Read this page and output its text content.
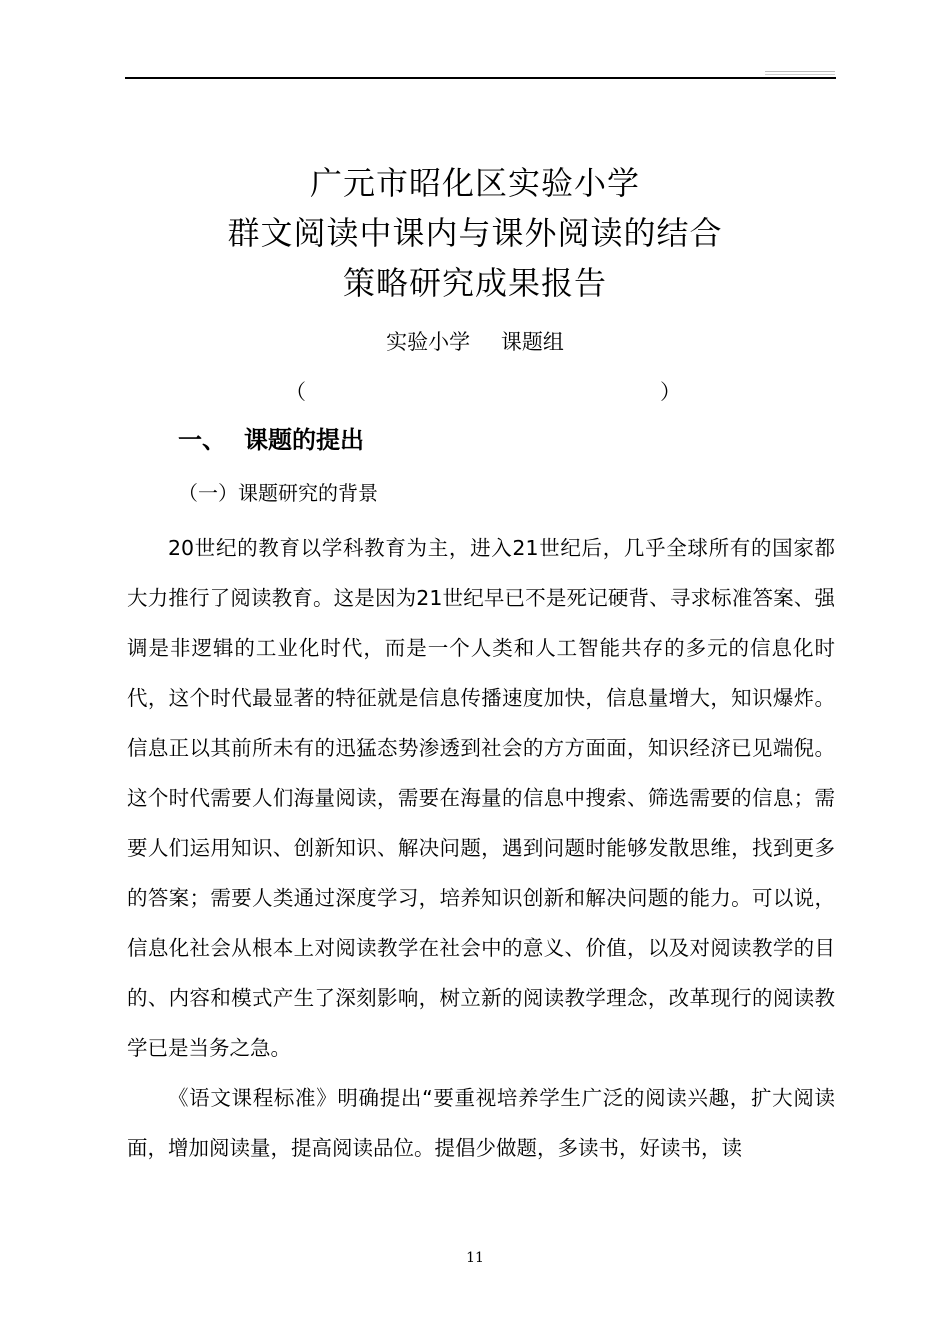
广元市昭化区实验小学
群文阅读中课内与课外阅读的结合
策略研究成果报告
实验小学 课题组
（	）
一、 课题的提出
（一）课题研究的背景

20世纪的教育以学科教育为主，进入21世纪后，几乎全球所有的国家都大力推行了阅读教育。这是因为21世纪早已不是死记硬背、寻求标准答案、强调是非逻辑的工业化时代，而是一个人类和人工智能共存的多元的信息化时代，这个时代最显著的特征就是信息传播速度加快，信息量增大，知识爆炸。信息正以其前所未有的迅猛态势渗透到社会的方方面面，知识经济已见端倪。 这个时代需要人们海量阅读，需要在海量的信息中搜索、筛选需要的信息；需要人们运用知识、创新知识、解决问题，遇到问题时能够发散思维，找到更多的答案；需要人类通过深度学习，培养知识创新和解决问题的能力。可以说，信息化社会从根本上对阅读教学在社会中的意义、价值，以及对阅读教学的目的、内容和模式产生了深刻影响，树立新的阅读教学理念，改革现行的阅读教学已是当务之急。

《语文课程标准》明确提出“要重视培养学生广泛的阅读兴趣，扩大阅读面，增加阅读量，提高阅读品位。提倡少做题，多读书，好读书，读

11
